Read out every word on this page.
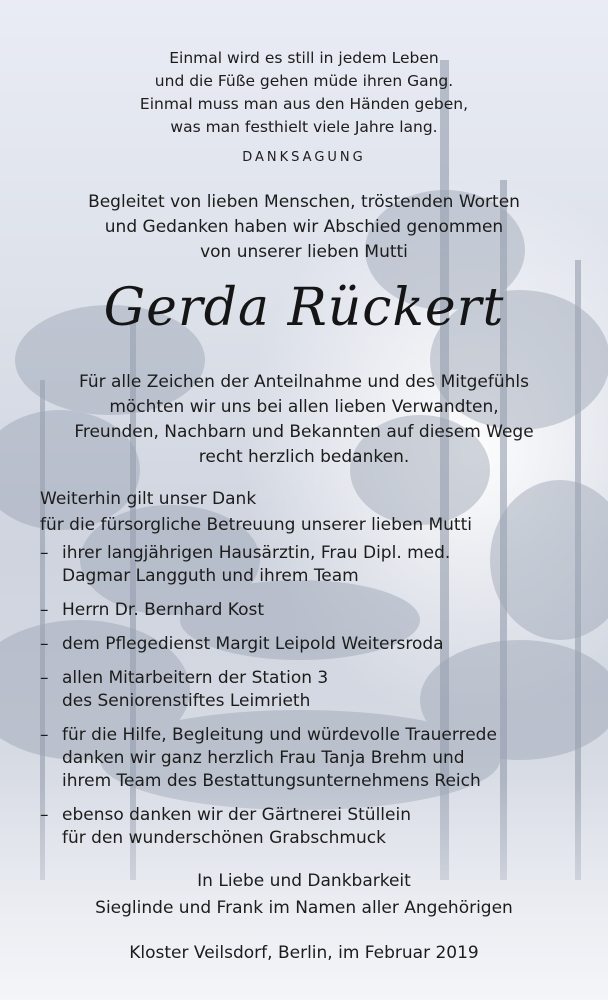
Einmal wird es still in jedem Leben
und die Füße gehen müde ihren Gang.
Einmal muss man aus den Händen geben,
was man festhielt viele Jahre lang.
DANKSAGUNG
Begleitet von lieben Menschen, tröstenden Worten
und Gedanken haben wir Abschied genommen
von unserer lieben Mutti
Gerda Rückert
Für alle Zeichen der Anteilnahme und des Mitgefühls
möchten wir uns bei allen lieben Verwandten,
Freunden, Nachbarn und Bekannten auf diesem Wege
recht herzlich bedanken.
Weiterhin gilt unser Dank
für die fürsorgliche Betreuung unserer lieben Mutti
– ihrer langjährigen Hausärztin, Frau Dipl. med.
Dagmar Langguth und ihrem Team
– Herrn Dr. Bernhard Kost
– dem Pflegedienst Margit Leipold Weitersroda
– allen Mitarbeitern der Station 3
des Seniorenstiftes Leimrieth
– für die Hilfe, Begleitung und würdevolle Trauerrede
danken wir ganz herzlich Frau Tanja Brehm und
ihrem Team des Bestattungsunternehmens Reich
– ebenso danken wir der Gärtnerei Stüllein
für den wunderschönen Grabschmuck
In Liebe und Dankbarkeit
Sieglinde und Frank im Namen aller Angehörigen
Kloster Veilsdorf, Berlin, im Februar 2019
